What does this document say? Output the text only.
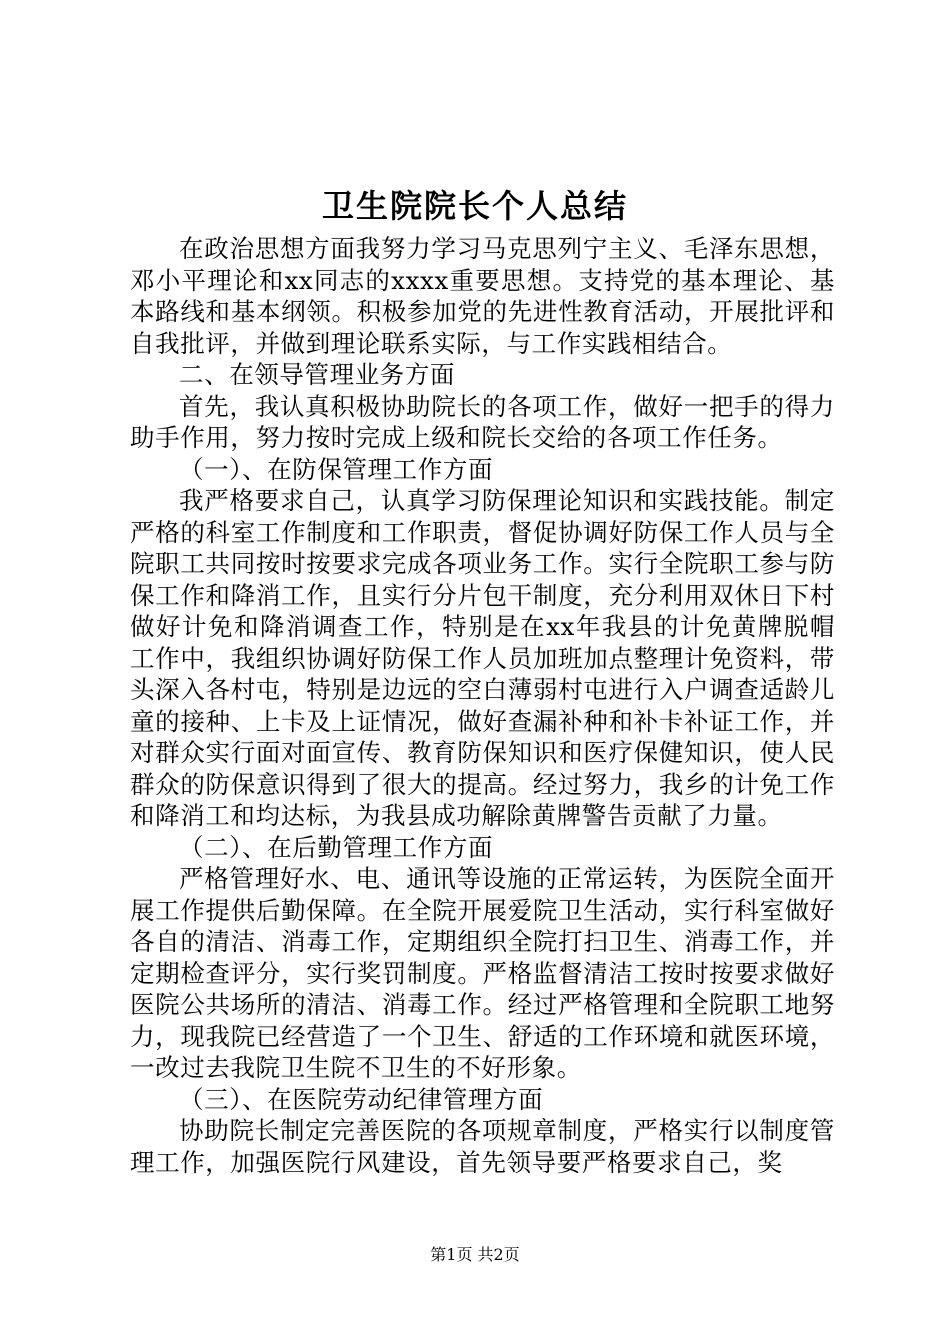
卫生院院长个人总结

在政治思想方面我努力学习马克思列宁主义、毛泽东思想，邓小平理论和xx同志的xxxx重要思想。支持党的基本理论、基本路线和基本纲领。积极参加党的先进性教育活动，开展批评和自我批评，并做到理论联系实际，与工作实践相结合。

二、在领导管理业务方面

首先，我认真积极协助院长的各项工作，做好一把手的得力助手作用，努力按时完成上级和院长交给的各项工作任务。

（一）、在防保管理工作方面

我严格要求自己，认真学习防保理论知识和实践技能。制定严格的科室工作制度和工作职责，督促协调好防保工作人员与全院职工共同按时按要求完成各项业务工作。实行全院职工参与防保工作和降消工作，且实行分片包干制度，充分利用双休日下村做好计免和降消调查工作，特别是在xx年我县的计免黄牌脱帽工作中，我组织协调好防保工作人员加班加点整理计免资料，带头深入各村屯，特别是边远的空白薄弱村屯进行入户调查适龄儿童的接种、上卡及上证情况，做好查漏补种和补卡补证工作，并对群众实行面对面宣传、教育防保知识和医疗保健知识，使人民群众的防保意识得到了很大的提高。经过努力，我乡的计免工作和降消工和均达标，为我县成功解除黄牌警告贡献了力量。

（二）、在后勤管理工作方面

严格管理好水、电、通讯等设施的正常运转，为医院全面开展工作提供后勤保障。在全院开展爱院卫生活动，实行科室做好各自的清洁、消毒工作，定期组织全院打扫卫生、消毒工作，并定期检查评分，实行奖罚制度。严格监督清洁工按时按要求做好医院公共场所的清洁、消毒工作。经过严格管理和全院职工地努力，现我院已经营造了一个卫生、舒适的工作环境和就医环境，一改过去我院卫生院不卫生的不好形象。

（三）、在医院劳动纪律管理方面

协助院长制定完善医院的各项规章制度，严格实行以制度管理工作，加强医院行风建设，首先领导要严格要求自己，奖

第1页 共2页
